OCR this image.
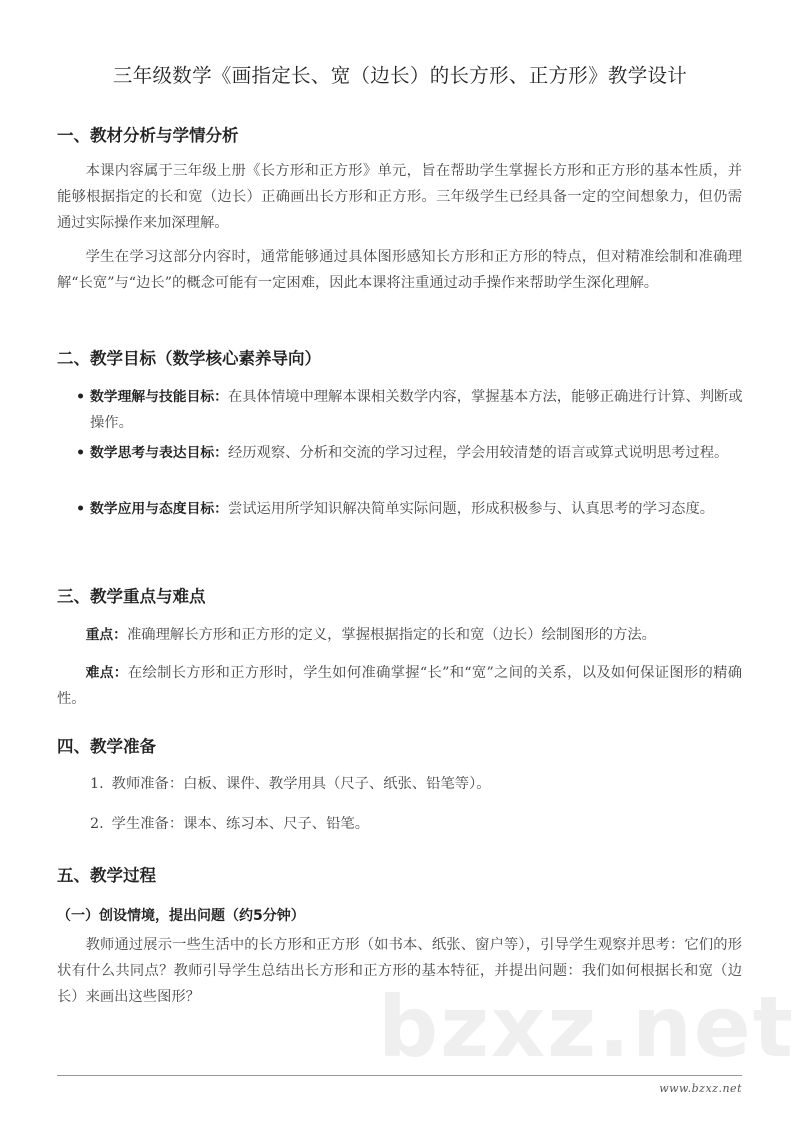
三年级数学《画指定长、宽（边长）的长方形、正方形》教学设计
一、教材分析与学情分析
本课内容属于三年级上册《长方形和正方形》单元，旨在帮助学生掌握长方形和正方形的基本性质，并能够根据指定的长和宽（边长）正确画出长方形和正方形。三年级学生已经具备一定的空间想象力，但仍需通过实际操作来加深理解。
学生在学习这部分内容时，通常能够通过具体图形感知长方形和正方形的特点，但对精准绘制和准确理解“长宽”与“边长”的概念可能有一定困难，因此本课将注重通过动手操作来帮助学生深化理解。
二、教学目标（数学核心素养导向）
• 数学理解与技能目标：在具体情境中理解本课相关数学内容，掌握基本方法，能够正确进行计算、判断或操作。
• 数学思考与表达目标：经历观察、分析和交流的学习过程，学会用较清楚的语言或算式说明思考过程。
• 数学应用与态度目标：尝试运用所学知识解决简单实际问题，形成积极参与、认真思考的学习态度。
三、教学重点与难点
重点：准确理解长方形和正方形的定义，掌握根据指定的长和宽（边长）绘制图形的方法。
难点：在绘制长方形和正方形时，学生如何准确掌握“长”和“宽”之间的关系，以及如何保证图形的精确性。
四、教学准备
1. 教师准备：白板、课件、教学用具（尺子、纸张、铅笔等）。
2. 学生准备：课本、练习本、尺子、铅笔。
五、教学过程
（一）创设情境，提出问题（约5分钟）
教师通过展示一些生活中的长方形和正方形（如书本、纸张、窗户等），引导学生观察并思考：它们的形状有什么共同点？教师引导学生总结出长方形和正方形的基本特征，并提出问题：我们如何根据长和宽（边长）来画出这些图形？	bzxz.net
www.bzxz.net
